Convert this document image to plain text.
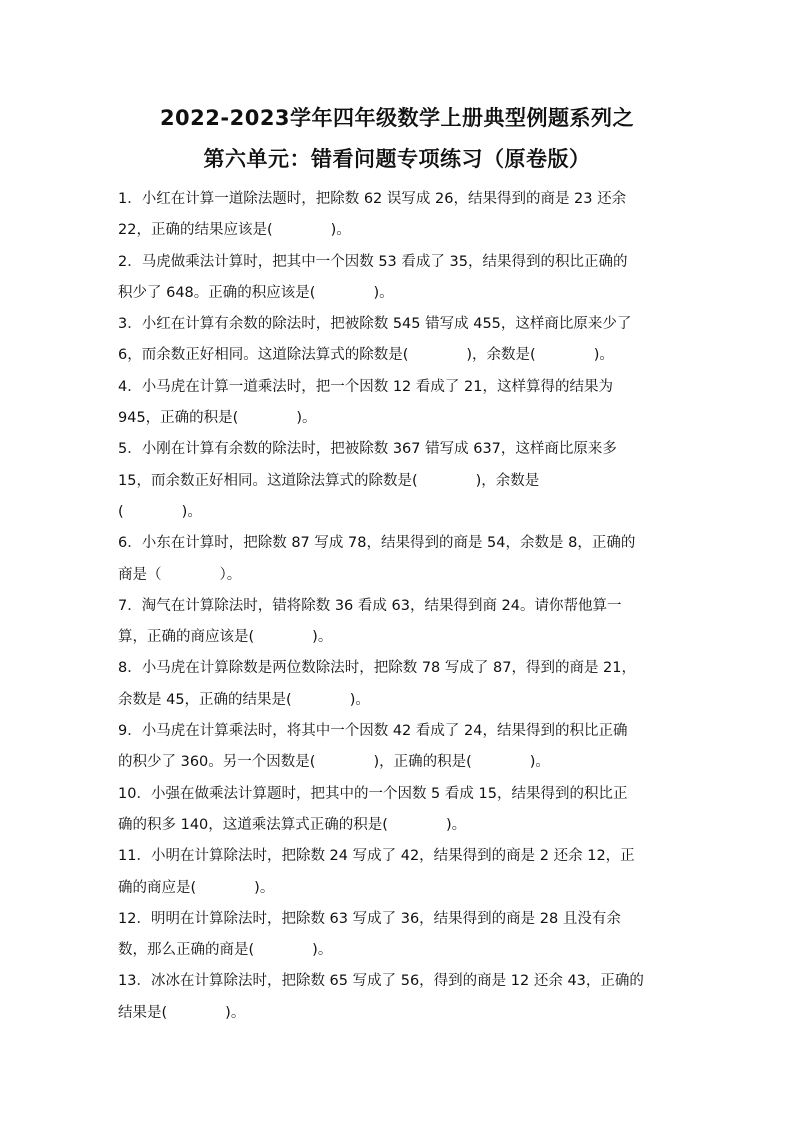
2022-2023学年四年级数学上册典型例题系列之
第六单元：错看问题专项练习（原卷版）
1．小红在计算一道除法题时，把除数 62 误写成 26，结果得到的商是 23 还余
22，正确的结果应该是(　　　　)。
2．马虎做乘法计算时，把其中一个因数 53 看成了 35，结果得到的积比正确的
积少了 648。正确的积应该是(　　　　)。
3．小红在计算有余数的除法时，把被除数 545 错写成 455，这样商比原来少了
6，而余数正好相同。这道除法算式的除数是(　　　　)，余数是(　　　　)。
4．小马虎在计算一道乘法时，把一个因数 12 看成了 21，这样算得的结果为
945，正确的积是(　　　　)。
5．小刚在计算有余数的除法时，把被除数 367 错写成 637，这样商比原来多
15，而余数正好相同。这道除法算式的除数是(　　　　)，余数是
(　　　　)。
6．小东在计算时，把除数 87 写成 78，结果得到的商是 54，余数是 8，正确的
商是（　　　　）。
7．淘气在计算除法时，错将除数 36 看成 63，结果得到商 24。请你帮他算一
算，正确的商应该是(　　　　)。
8．小马虎在计算除数是两位数除法时，把除数 78 写成了 87，得到的商是 21，
余数是 45，正确的结果是(　　　　)。
9．小马虎在计算乘法时，将其中一个因数 42 看成了 24，结果得到的积比正确
的积少了 360。另一个因数是(　　　　)，正确的积是(　　　　)。
10．小强在做乘法计算题时，把其中的一个因数 5 看成 15，结果得到的积比正
确的积多 140，这道乘法算式正确的积是(　　　　)。
11．小明在计算除法时，把除数 24 写成了 42，结果得到的商是 2 还余 12，正
确的商应是(　　　　)。
12．明明在计算除法时，把除数 63 写成了 36，结果得到的商是 28 且没有余
数，那么正确的商是(　　　　)。
13．冰冰在计算除法时，把除数 65 写成了 56，得到的商是 12 还余 43，正确的
结果是(　　　　)。
